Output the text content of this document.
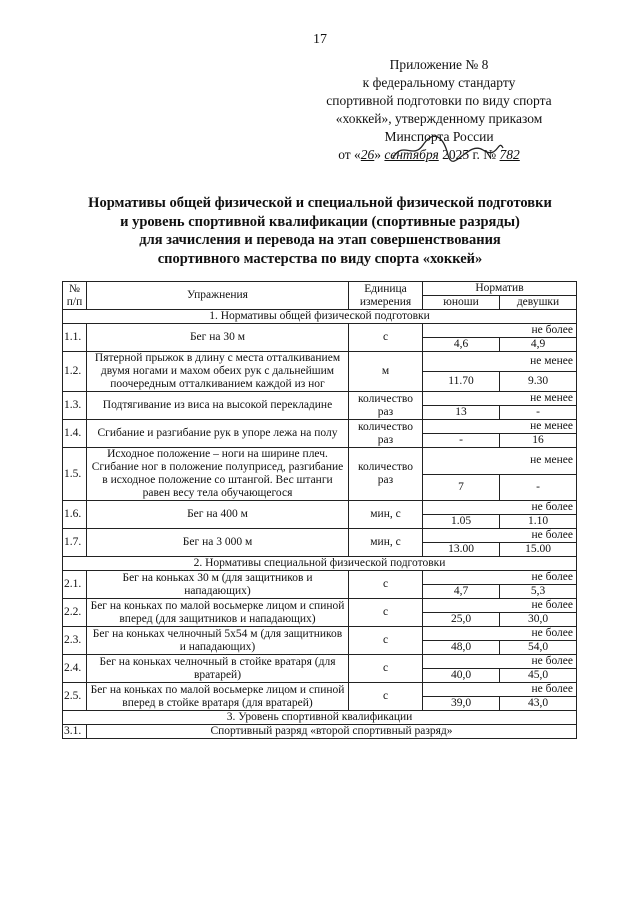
17
Приложение № 8
к федеральному стандарту
спортивной подготовки по виду спорта
«хоккей», утвержденному приказом
Минспорта России
от «26» сентября 2025 г. № 782
Нормативы общей физической и специальной физической подготовки
и уровень спортивной квалификации (спортивные разряды)
для зачисления и перевода на этап совершенствования
спортивного мастерства по виду спорта «хоккей»
№ п/п	Упражнения	Единица измерения	Норматив	
			юноши	девушки
1. Нормативы общей физической подготовки				
1.1.	Бег на 30 м	с	не более	
			4,6	4,9
1.2.	Пятерной прыжок в длину с места отталкиванием двумя ногами и махом обеих рук с дальнейшим поочередным отталкиванием каждой из ног	м	не менее	
			11.70	9.30
1.3.	Подтягивание из виса на высокой перекладине	количество раз	не менее	
			13	-
1.4.	Сгибание и разгибание рук в упоре лежа на полу	количество раз	не менее	
			-	16
1.5.	Исходное положение – ноги на ширине плеч. Сгибание ног в положение полуприсед, разгибание в исходное положение со штангой. Вес штанги равен весу тела обучающегося	количество раз	не менее	
			7	-
1.6.	Бег на 400 м	мин, с	не более	
			1.05	1.10
1.7.	Бег на 3 000 м	мин, с	не более	
			13.00	15.00
2. Нормативы специальной физической подготовки				
2.1.	Бег на коньках 30 м (для защитников и нападающих)	с	не более	
			4,7	5,3
2.2.	Бег на коньках по малой восьмерке лицом и спиной вперед (для защитников и нападающих)	с	не более	
			25,0	30,0
2.3.	Бег на коньках челночный 5х54 м (для защитников и нападающих)	с	не более	
			48,0	54,0
2.4.	Бег на коньках челночный в стойке вратаря (для вратарей)	с	не более	
			40,0	45,0
2.5.	Бег на коньках по малой восьмерке лицом и спиной вперед в стойке вратаря (для вратарей)	с	не более	
			39,0	43,0
3. Уровень спортивной квалификации				
3.1.	Спортивный разряд «второй спортивный разряд»			
